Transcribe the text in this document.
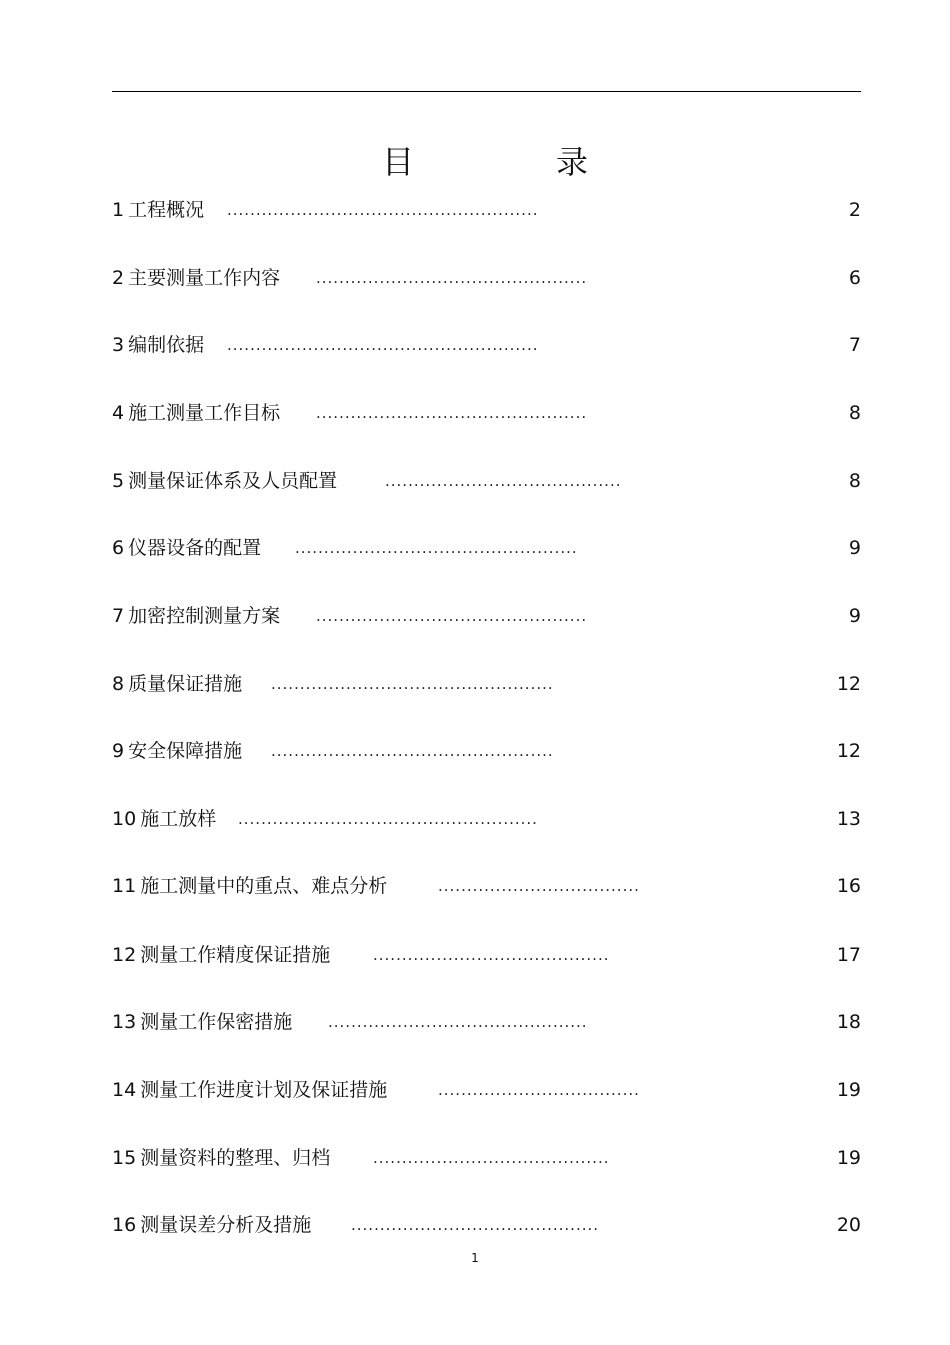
目	录
1 工程概况 ......................................................	2
2 主要测量工作内容 ...............................................	6
3 编制依据 ......................................................	7
4 施工测量工作目标 ...............................................	8
5 测量保证体系及人员配置	.........................................	8
6 仪器设备的配置 .................................................	9
7 加密控制测量方案 ...............................................	9
8 质量保证措施 .................................................	12
9 安全保障措施 .................................................	12
10 施工放样 ....................................................	13
11 施工测量中的重点、难点分析	...................................	16
12 测量工作精度保证措施	.........................................	17
13 测量工作保密措施 .............................................	18
14 测量工作进度计划及保证措施	...................................	19
15 测量资料的整理、归档	.........................................	19
16 测量误差分析及措施	...........................................	20
1
